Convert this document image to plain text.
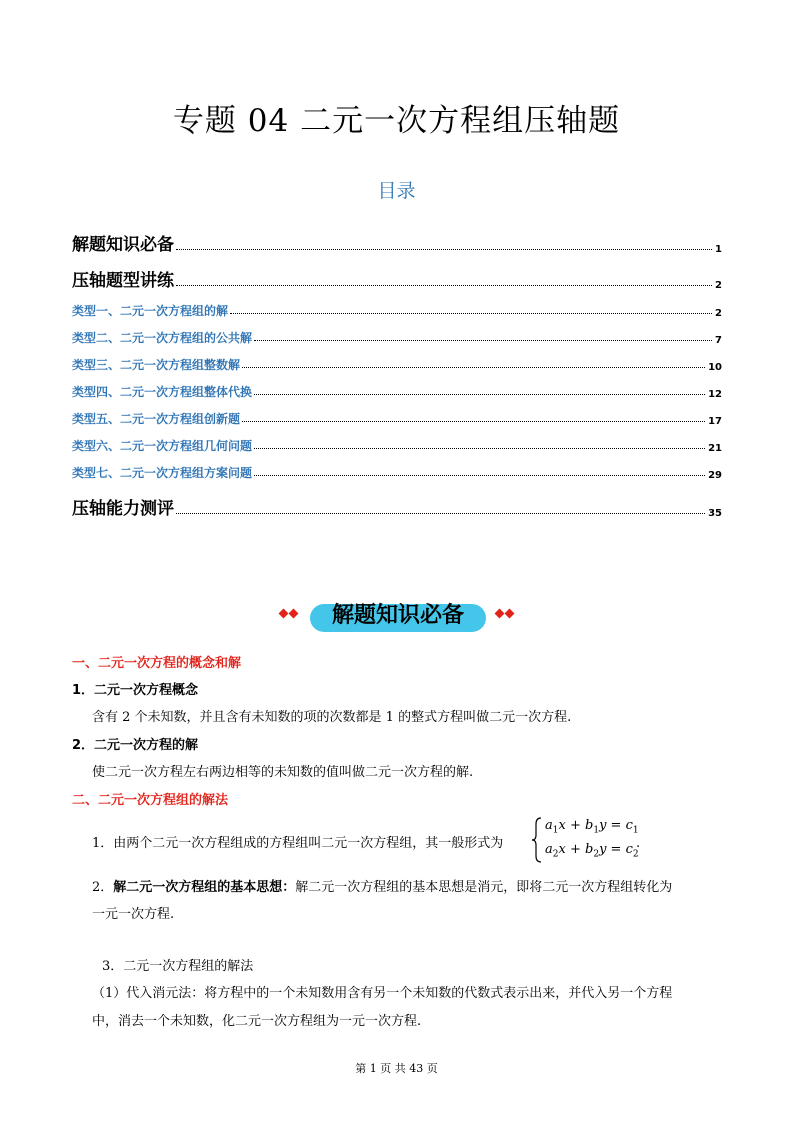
专题 04 二元一次方程组压轴题
目录
解题知识必备	1
压轴题型讲练	2
类型一、二元一次方程组的解	2
类型二、二元一次方程组的公共解	7
类型三、二元一次方程组整数解	10
类型四、二元一次方程组整体代换	12
类型五、二元一次方程组创新题	17
类型六、二元一次方程组几何问题	21
类型七、二元一次方程组方案问题	29
压轴能力测评	35
解题知识必备
一、二元一次方程的概念和解
1．二元一次方程概念
含有 2 个未知数，并且含有未知数的项的次数都是 1 的整式方程叫做二元一次方程.
2．二元一次方程的解
使二元一次方程左右两边相等的未知数的值叫做二元一次方程的解.
二、二元一次方程组的解法
1．由两个二元一次方程组成的方程组叫二元一次方程组，其一般形式为
$a_1x + b_1y = c_1$
$a_2x + b_2y = c_2$
.
2．解二元一次方程组的基本思想：解二元一次方程组的基本思想是消元，即将二元一次方程组转化为
一元一次方程.
3．二元一次方程组的解法
（1）代入消元法：将方程中的一个未知数用含有另一个未知数的代数式表示出来，并代入另一个方程
中，消去一个未知数，化二元一次方程组为一元一次方程.
第 1 页 共 43 页
